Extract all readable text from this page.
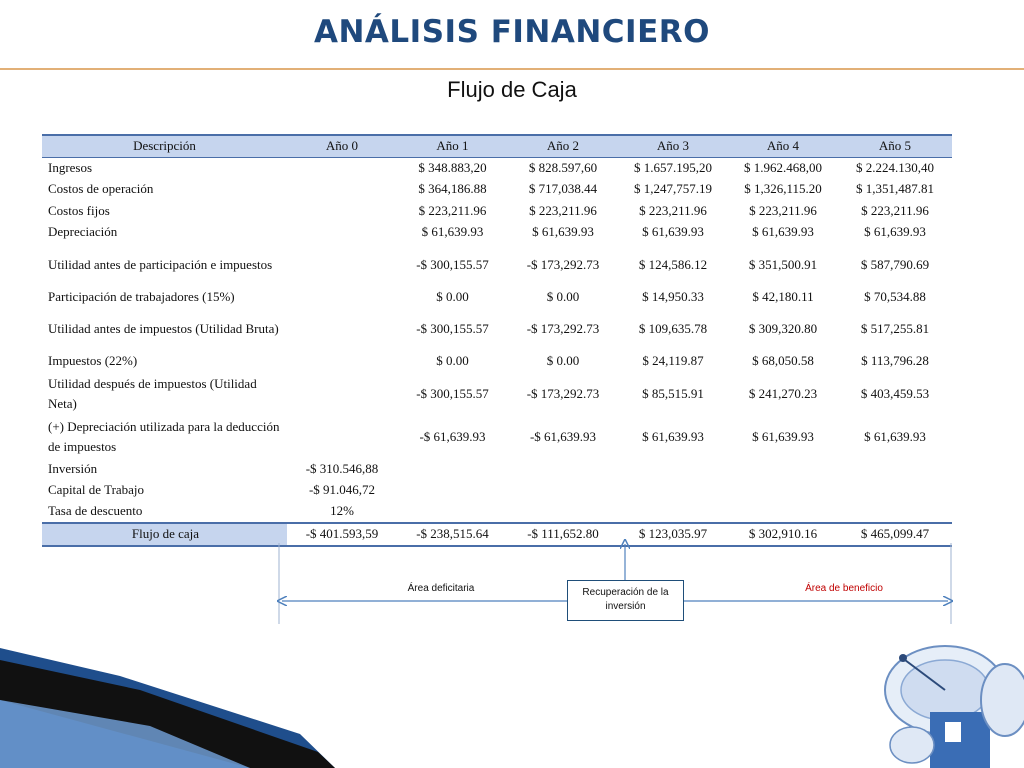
ANÁLISIS FINANCIERO
Flujo de Caja
Descripción	Año 0	Año 1	Año 2	Año 3	Año 4	Año 5
Ingresos		$ 348.883,20	$ 828.597,60	$ 1.657.195,20	$ 1.962.468,00	$ 2.224.130,40
Costos de operación		$ 364,186.88	$ 717,038.44	$ 1,247,757.19	$ 1,326,115.20	$ 1,351,487.81
Costos fijos		$ 223,211.96	$ 223,211.96	$ 223,211.96	$ 223,211.96	$ 223,211.96
Depreciación		$ 61,639.93	$ 61,639.93	$ 61,639.93	$ 61,639.93	$ 61,639.93
Utilidad antes de participación e impuestos		-$ 300,155.57	-$ 173,292.73	$ 124,586.12	$ 351,500.91	$ 587,790.69
Participación de trabajadores (15%)		$ 0.00	$ 0.00	$ 14,950.33	$ 42,180.11	$ 70,534.88
Utilidad antes de impuestos (Utilidad Bruta)		-$ 300,155.57	-$ 173,292.73	$ 109,635.78	$ 309,320.80	$ 517,255.81
Impuestos (22%)		$ 0.00	$ 0.00	$ 24,119.87	$ 68,050.58	$ 113,796.28
Utilidad después de impuestos (Utilidad Neta)		-$ 300,155.57	-$ 173,292.73	$ 85,515.91	$ 241,270.23	$ 403,459.53
(+) Depreciación utilizada para la deducción de impuestos		-$ 61,639.93	-$ 61,639.93	$ 61,639.93	$ 61,639.93	$ 61,639.93
Inversión	-$ 310.546,88					
Capital de Trabajo	-$ 91.046,72					
Tasa de descuento	12%					
Flujo de caja	-$ 401.593,59	-$ 238,515.64	-$ 111,652.80	$ 123,035.97	$ 302,910.16	$ 465,099.47
Área deficitaria	Área de beneficio
Recuperación de la inversión
